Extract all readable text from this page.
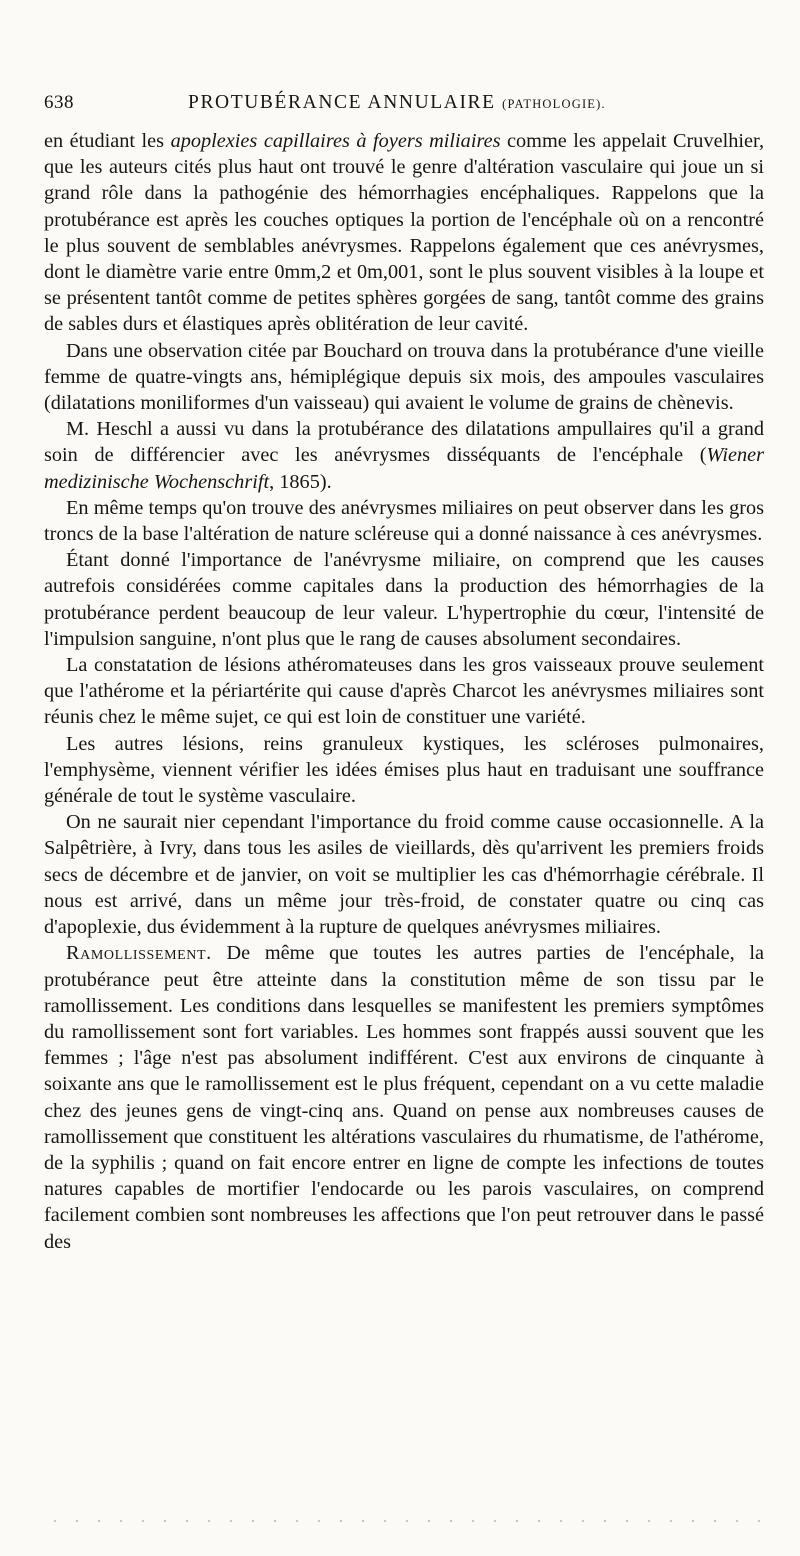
638	PROTUBÉRANCE ANNULAIRE (PATHOLOGIE).

en étudiant les apoplexies capillaires à foyers miliaires comme les appelait Cruvelhier, que les auteurs cités plus haut ont trouvé le genre d'altération vasculaire qui joue un si grand rôle dans la pathogénie des hémorrhagies encéphaliques. Rappelons que la protubérance est après les couches optiques la portion de l'encéphale où on a rencontré le plus souvent de semblables anévrysmes. Rappelons également que ces anévrysmes, dont le diamètre varie entre 0mm,2 et 0m,001, sont le plus souvent visibles à la loupe et se présentent tantôt comme de petites sphères gorgées de sang, tantôt comme des grains de sables durs et élastiques après oblitération de leur cavité.

Dans une observation citée par Bouchard on trouva dans la protubérance d'une vieille femme de quatre-vingts ans, hémiplégique depuis six mois, des ampoules vasculaires (dilatations moniliformes d'un vaisseau) qui avaient le volume de grains de chènevis.

M. Heschl a aussi vu dans la protubérance des dilatations ampullaires qu'il a grand soin de différencier avec les anévrysmes disséquants de l'encéphale (Wiener medizinische Wochenschrift, 1865).

En même temps qu'on trouve des anévrysmes miliaires on peut observer dans les gros troncs de la base l'altération de nature scléreuse qui a donné naissance à ces anévrysmes.

Étant donné l'importance de l'anévrysme miliaire, on comprend que les causes autrefois considérées comme capitales dans la production des hémorrhagies de la protubérance perdent beaucoup de leur valeur. L'hypertrophie du cœur, l'intensité de l'impulsion sanguine, n'ont plus que le rang de causes absolument secondaires.

La constatation de lésions athéromateuses dans les gros vaisseaux prouve seulement que l'athérome et la périartérite qui cause d'après Charcot les anévrysmes miliaires sont réunis chez le même sujet, ce qui est loin de constituer une variété.

Les autres lésions, reins granuleux kystiques, les scléroses pulmonaires, l'emphysème, viennent vérifier les idées émises plus haut en traduisant une souffrance générale de tout le système vasculaire.

On ne saurait nier cependant l'importance du froid comme cause occasionnelle. A la Salpêtrière, à Ivry, dans tous les asiles de vieillards, dès qu'arrivent les premiers froids secs de décembre et de janvier, on voit se multiplier les cas d'hémorrhagie cérébrale. Il nous est arrivé, dans un même jour très-froid, de constater quatre ou cinq cas d'apoplexie, dus évidemment à la rupture de quelques anévrysmes miliaires.

Ramollissement. De même que toutes les autres parties de l'encéphale, la protubérance peut être atteinte dans la constitution même de son tissu par le ramollissement. Les conditions dans lesquelles se manifestent les premiers symptômes du ramollissement sont fort variables. Les hommes sont frappés aussi souvent que les femmes ; l'âge n'est pas absolument indifférent. C'est aux environs de cinquante à soixante ans que le ramollissement est le plus fréquent, cependant on a vu cette maladie chez des jeunes gens de vingt-cinq ans. Quand on pense aux nombreuses causes de ramollissement que constituent les altérations vasculaires du rhumatisme, de l'athérome, de la syphilis ; quand on fait encore entrer en ligne de compte les infections de toutes natures capables de mortifier l'endocarde ou les parois vasculaires, on comprend facilement combien sont nombreuses les affections que l'on peut retrouver dans le passé des
